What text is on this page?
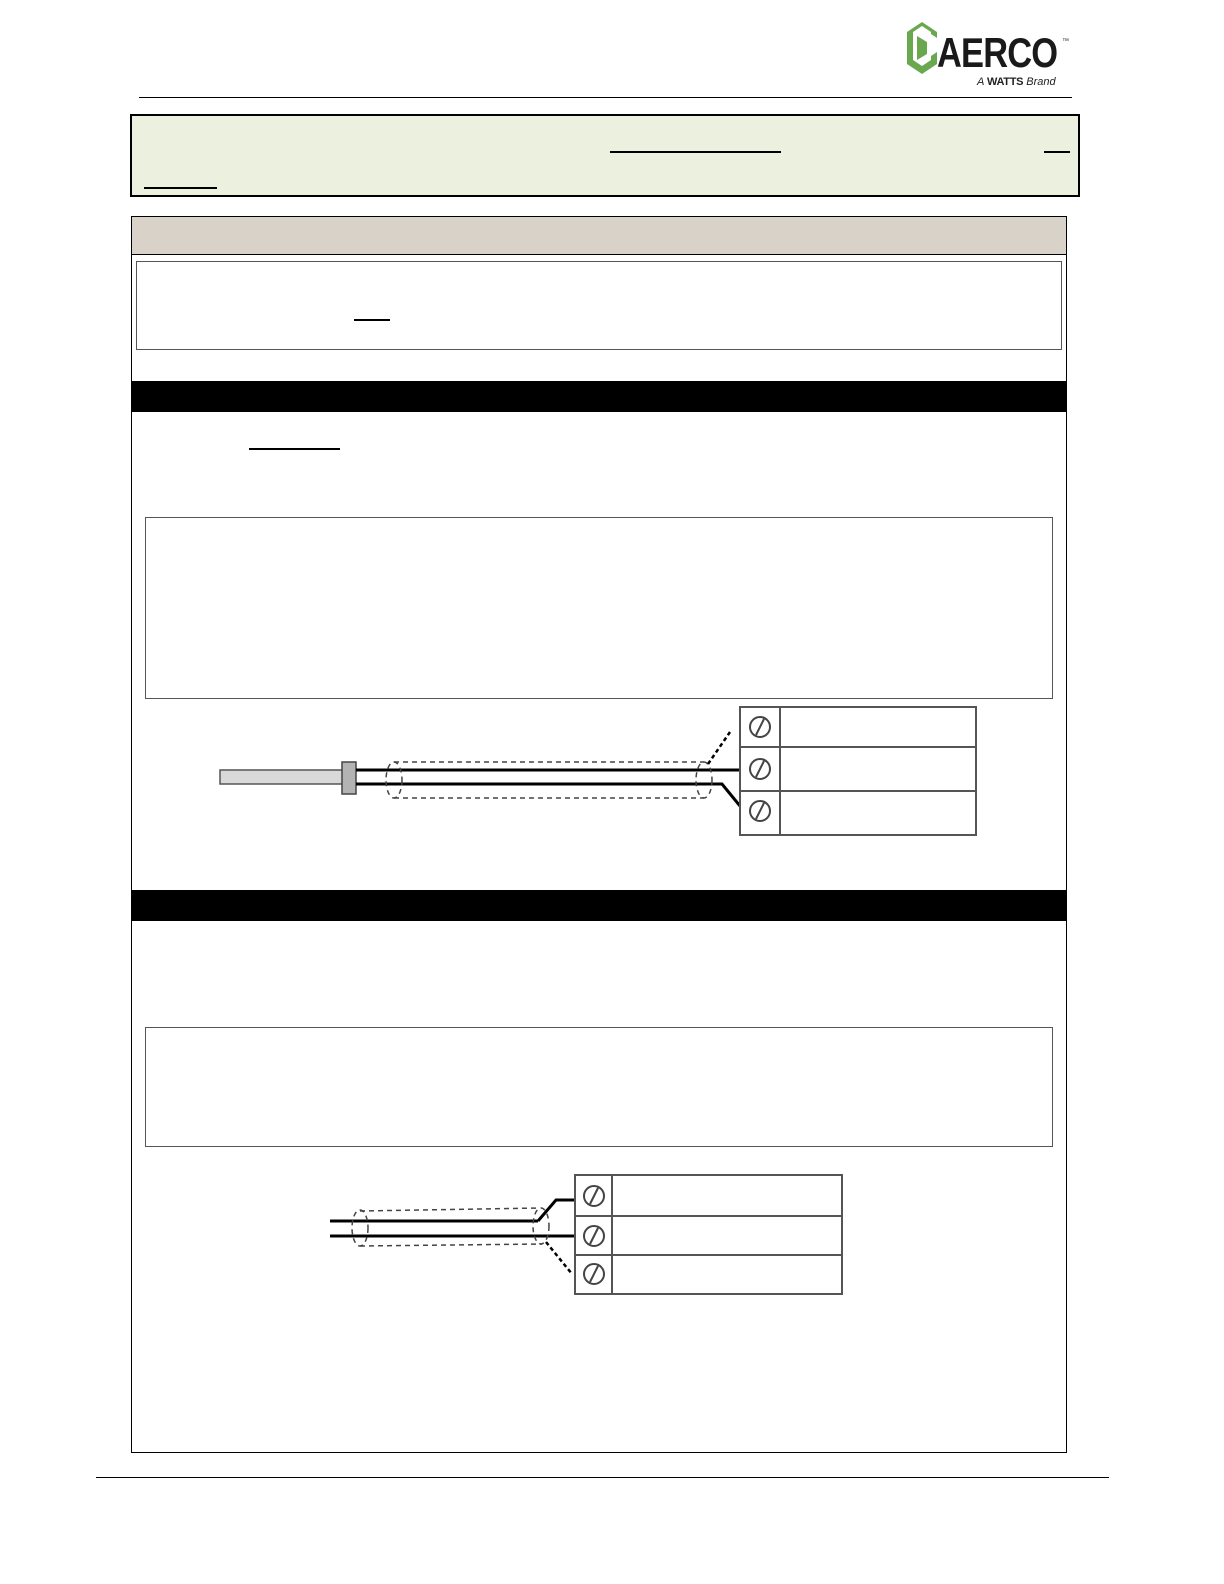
AERCO ™
A WATTS Brand
